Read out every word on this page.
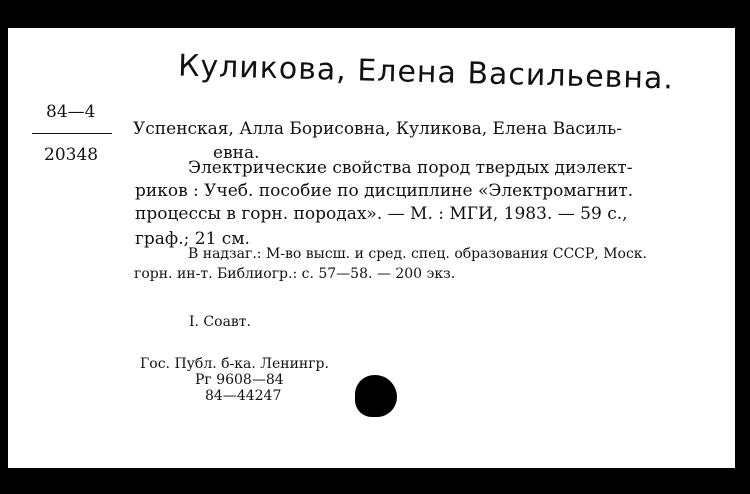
Куликова, Елена Васильевна.
84—4
20348
Успенская, Алла Борисовна, Куликова, Елена Василь-
евна.
Электрические свойства пород твердых диэлект-
риков : Учеб. пособие по дисциплине «Электромагнит.
процессы в горн. породах». — М. : МГИ, 1983. — 59 с.,
граф.; 21 см.
В надзаг.: М-во высш. и сред. спец. образования СССР, Моск.
горн. ин-т. Библиогр.: с. 57—58. — 200 экз.
I. Соавт.
Гос. Публ. б-ка. Ленингр.
Рг 9608—84
84—44247
